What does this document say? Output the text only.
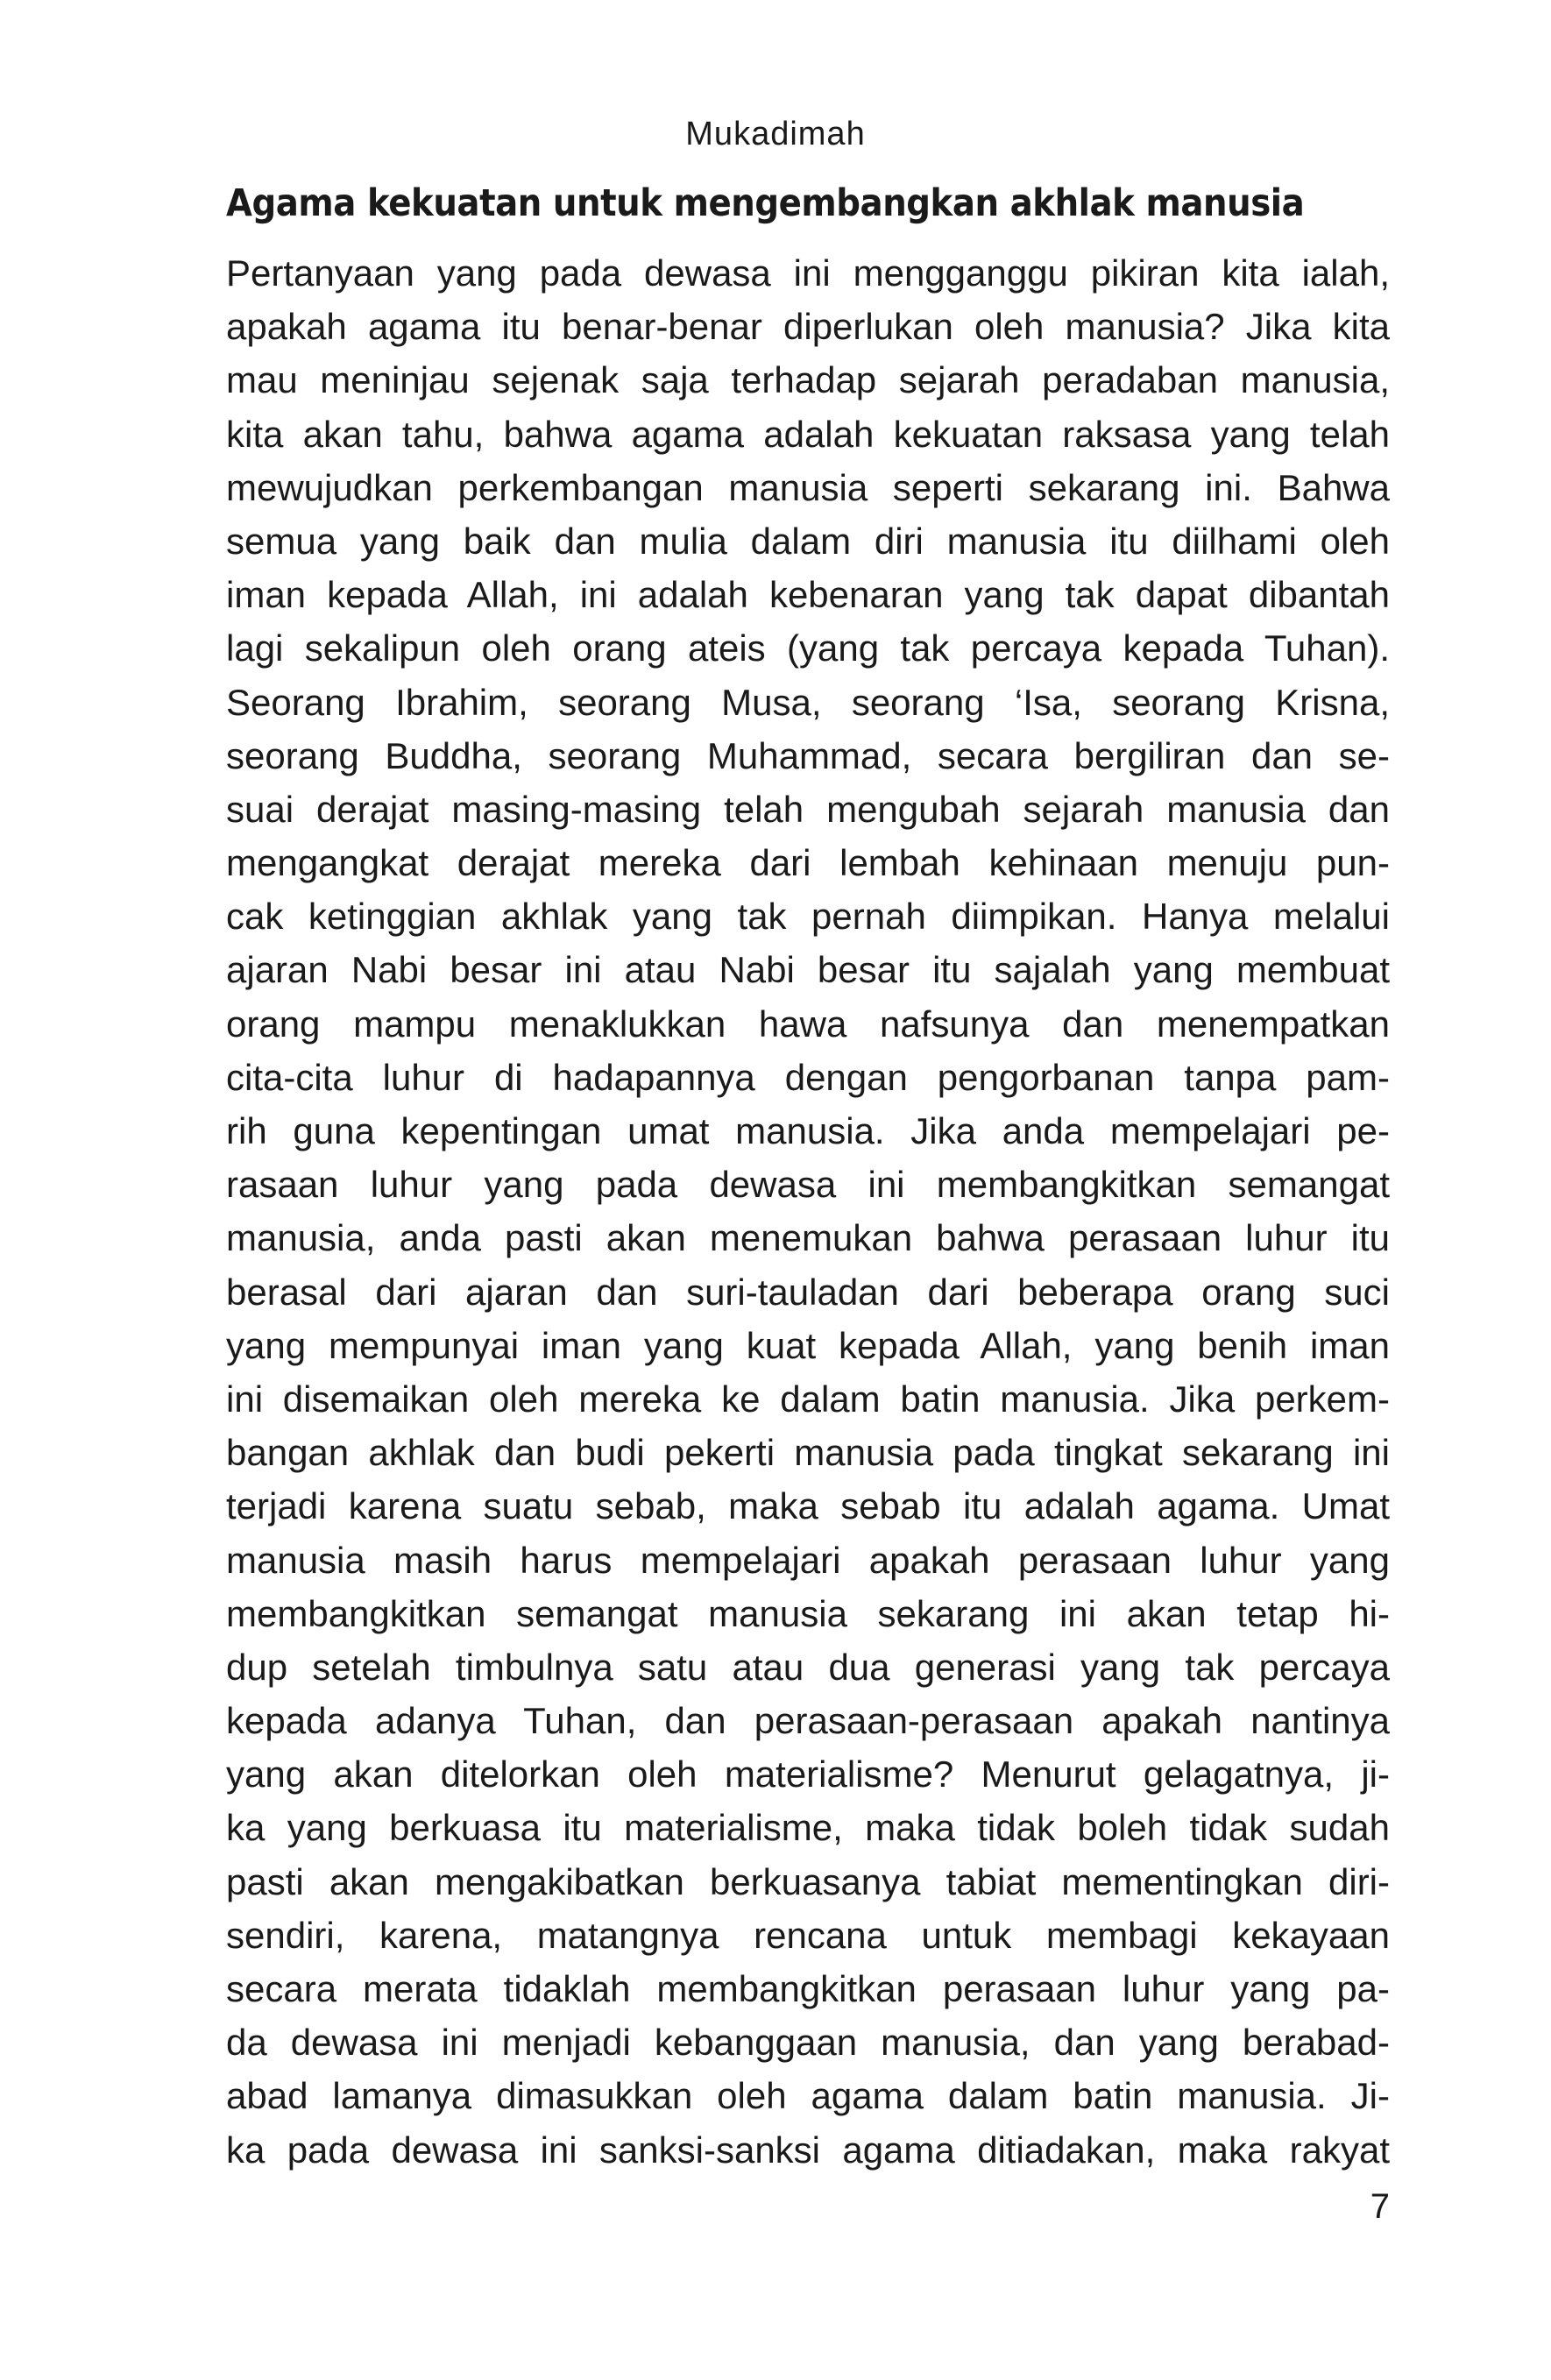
Mukadimah
Agama kekuatan untuk mengembangkan akhlak manusia
Pertanyaan yang pada dewasa ini mengganggu pikiran kita ialah,
apakah agama itu benar-benar diperlukan oleh manusia? Jika kita
mau meninjau sejenak saja terhadap sejarah peradaban manusia,
kita akan tahu, bahwa agama adalah kekuatan raksasa yang telah
mewujudkan perkembangan manusia seperti sekarang ini. Bahwa
semua yang baik dan mulia dalam diri manusia itu diilhami oleh
iman kepada Allah, ini adalah kebenaran yang tak dapat dibantah
lagi sekalipun oleh orang ateis (yang tak percaya kepada Tuhan).
Seorang Ibrahim, seorang Musa, seorang ‘Isa, seorang Krisna,
seorang Buddha, seorang Muhammad, secara bergiliran dan se-
suai derajat masing-masing telah mengubah sejarah manusia dan
mengangkat derajat mereka dari lembah kehinaan menuju pun-
cak ketinggian akhlak yang tak pernah diimpikan. Hanya melalui
ajaran Nabi besar ini atau Nabi besar itu sajalah yang membuat
orang mampu menaklukkan hawa nafsunya dan menempatkan
cita-cita luhur di hadapannya dengan pengorbanan tanpa pam-
rih guna kepentingan umat manusia. Jika anda mempelajari pe-
rasaan luhur yang pada dewasa ini membangkitkan semangat
manusia, anda pasti akan menemukan bahwa perasaan luhur itu
berasal dari ajaran dan suri-tauladan dari beberapa orang suci
yang mempunyai iman yang kuat kepada Allah, yang benih iman
ini disemaikan oleh mereka ke dalam batin manusia. Jika perkem-
bangan akhlak dan budi pekerti manusia pada tingkat sekarang ini
terjadi karena suatu sebab, maka sebab itu adalah agama. Umat
manusia masih harus mempelajari apakah perasaan luhur yang
membangkitkan semangat manusia sekarang ini akan tetap hi-
dup setelah timbulnya satu atau dua generasi yang tak percaya
kepada adanya Tuhan, dan perasaan-perasaan apakah nantinya
yang akan ditelorkan oleh materialisme? Menurut gelagatnya, ji-
ka yang berkuasa itu materialisme, maka tidak boleh tidak sudah
pasti akan mengakibatkan berkuasanya tabiat mementingkan diri-
sendiri, karena, matangnya rencana untuk membagi kekayaan
secara merata tidaklah membangkitkan perasaan luhur yang pa-
da dewasa ini menjadi kebanggaan manusia, dan yang berabad-
abad lamanya dimasukkan oleh agama dalam batin manusia. Ji-
ka pada dewasa ini sanksi-sanksi agama ditiadakan, maka rakyat
7
